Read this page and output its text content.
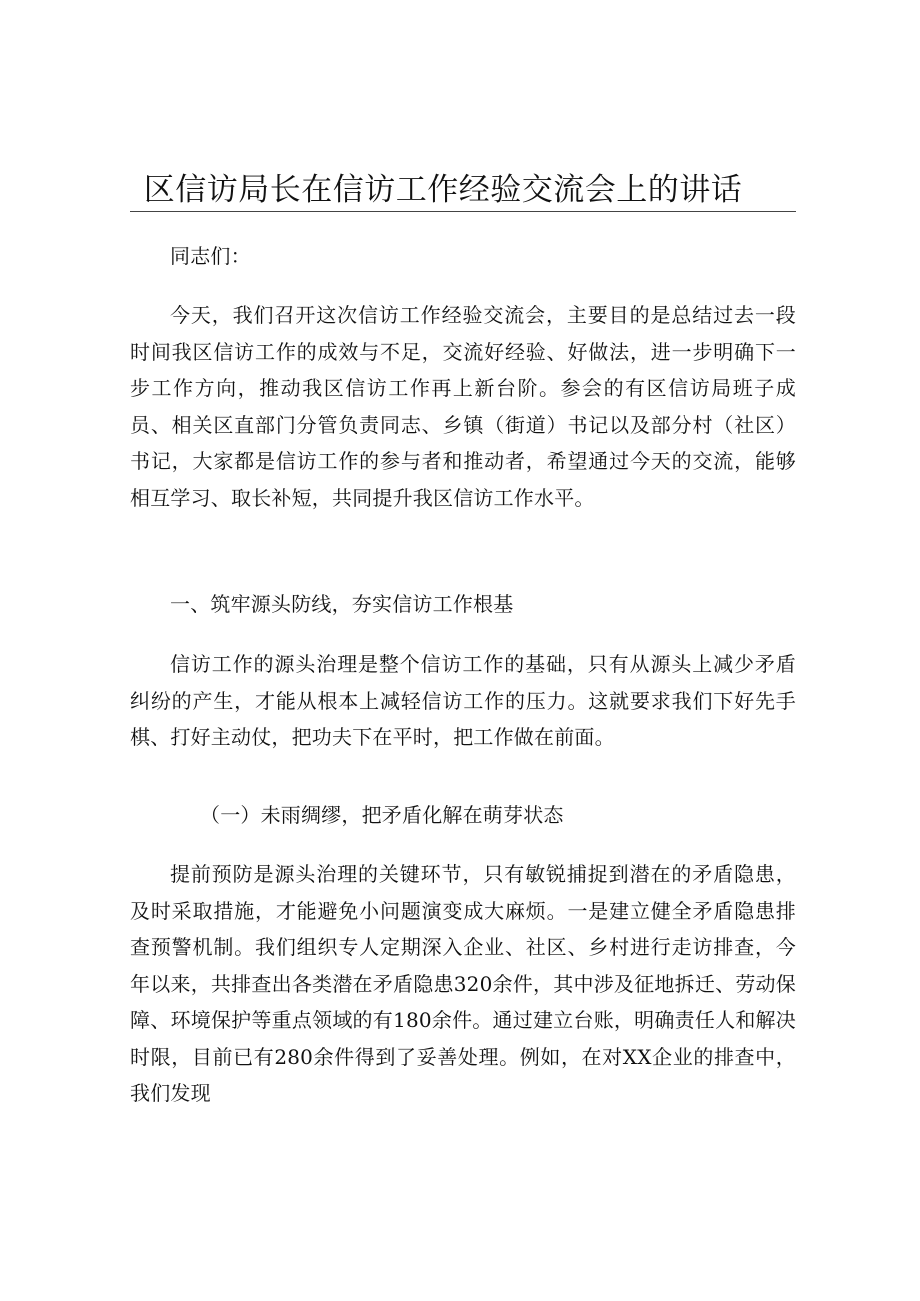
区信访局长在信访工作经验交流会上的讲话
同志们：
今天，我们召开这次信访工作经验交流会，主要目的是总结过去一段时间我区信访工作的成效与不足，交流好经验、好做法，进一步明确下一步工作方向，推动我区信访工作再上新台阶。参会的有区信访局班子成员、相关区直部门分管负责同志、乡镇（街道）书记以及部分村（社区）书记，大家都是信访工作的参与者和推动者，希望通过今天的交流，能够相互学习、取长补短，共同提升我区信访工作水平。
一、筑牢源头防线，夯实信访工作根基
信访工作的源头治理是整个信访工作的基础，只有从源头上减少矛盾纠纷的产生，才能从根本上减轻信访工作的压力。这就要求我们下好先手棋、打好主动仗，把功夫下在平时，把工作做在前面。
（一）未雨绸缪，把矛盾化解在萌芽状态
提前预防是源头治理的关键环节，只有敏锐捕捉到潜在的矛盾隐患，及时采取措施，才能避免小问题演变成大麻烦。一是建立健全矛盾隐患排查预警机制。我们组织专人定期深入企业、社区、乡村进行走访排查，今年以来，共排查出各类潜在矛盾隐患320余件，其中涉及征地拆迁、劳动保障、环境保护等重点领域的有180余件。通过建立台账，明确责任人和解决时限，目前已有280余件得到了妥善处理。例如，在对XX企业的排查中，我们发现
